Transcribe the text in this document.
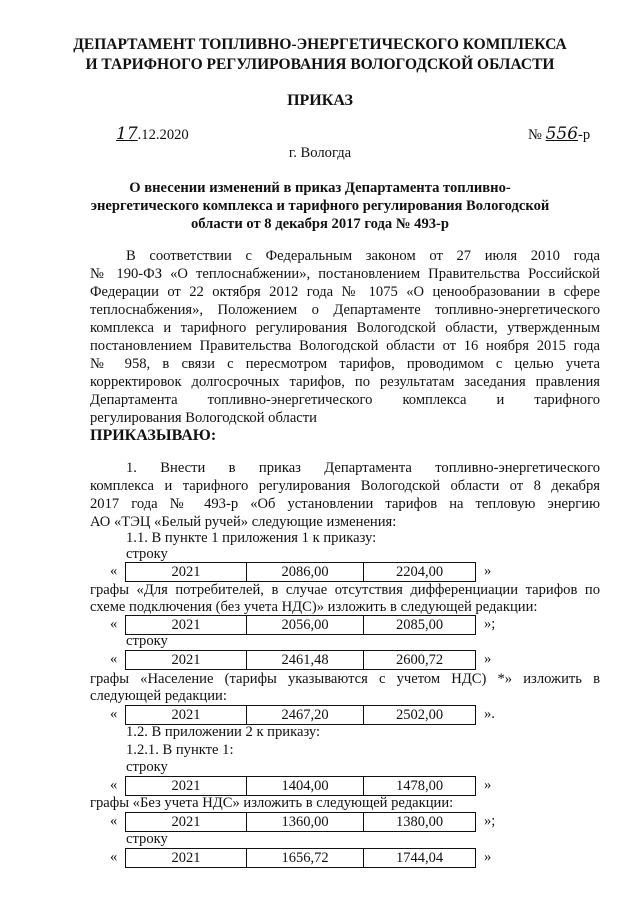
ДЕПАРТАМЕНТ ТОПЛИВНО-ЭНЕРГЕТИЧЕСКОГО КОМПЛЕКСА
И ТАРИФНОГО РЕГУЛИРОВАНИЯ ВОЛОГОДСКОЙ ОБЛАСТИ
ПРИКАЗ
17.12.2020	№ 556-р
г. Вологда
О внесении изменений в приказ Департамента топливно-
энергетического комплекса и тарифного регулирования Вологодской
области от 8 декабря 2017 года № 493-р
В соответствии с Федеральным законом от 27 июля 2010 года
№ 190-ФЗ «О теплоснабжении», постановлением Правительства Российской
Федерации от 22 октября 2012 года № 1075 «О ценообразовании в сфере
теплоснабжения», Положением о Департаменте топливно-энергетического
комплекса и тарифного регулирования Вологодской области, утвержденным
постановлением Правительства Вологодской области от 16 ноября 2015 года
№ 958, в связи с пересмотром тарифов, проводимом с целью учета
корректировок долгосрочных тарифов, по результатам заседания правления
Департамента топливно-энергетического комплекса и тарифного
регулирования Вологодской области
ПРИКАЗЫВАЮ:
1. Внести в приказ Департамента топливно-энергетического
комплекса и тарифного регулирования Вологодской области от 8 декабря
2017 года № 493-р «Об установлении тарифов на тепловую энергию
АО «ТЭЦ «Белый ручей» следующие изменения:
1.1. В пункте 1 приложения 1 к приказу:
строку
«	2021	2086,00	2204,00	»
графы «Для потребителей, в случае отсутствия дифференциации тарифов по
схеме подключения (без учета НДС)» изложить в следующей редакции:
«	2021	2056,00	2085,00	»;
строку
«	2021	2461,48	2600,72	»
графы «Население (тарифы указываются с учетом НДС) *» изложить в
следующей редакции:
«	2021	2467,20	2502,00	».
1.2. В приложении 2 к приказу:
1.2.1. В пункте 1:
строку
«	2021	1404,00	1478,00	»
графы «Без учета НДС» изложить в следующей редакции:
«	2021	1360,00	1380,00	»;
строку
«	2021	1656,72	1744,04	»
